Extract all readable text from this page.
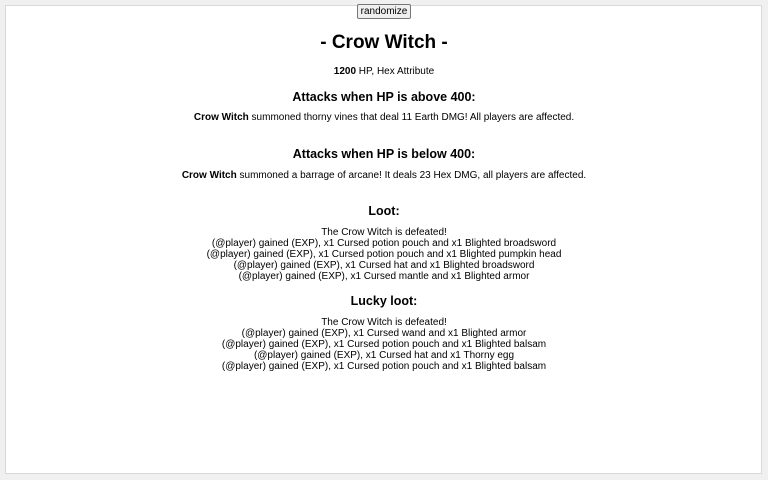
randomize
- Crow Witch -
1200 HP, Hex Attribute
Attacks when HP is above 400:
Crow Witch summoned thorny vines that deal 11 Earth DMG! All players are affected.
Attacks when HP is below 400:
Crow Witch summoned a barrage of arcane! It deals 23 Hex DMG, all players are affected.
Loot:
The Crow Witch is defeated!
(@player) gained (EXP), x1 Cursed potion pouch and x1 Blighted broadsword
(@player) gained (EXP), x1 Cursed potion pouch and x1 Blighted pumpkin head
(@player) gained (EXP), x1 Cursed hat and x1 Blighted broadsword
(@player) gained (EXP), x1 Cursed mantle and x1 Blighted armor
Lucky loot:
The Crow Witch is defeated!
(@player) gained (EXP), x1 Cursed wand and x1 Blighted armor
(@player) gained (EXP), x1 Cursed potion pouch and x1 Blighted balsam
(@player) gained (EXP), x1 Cursed hat and x1 Thorny egg
(@player) gained (EXP), x1 Cursed potion pouch and x1 Blighted balsam
